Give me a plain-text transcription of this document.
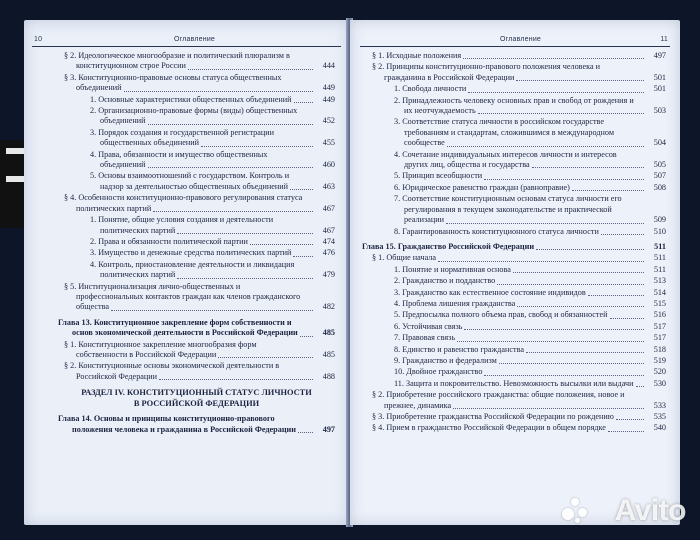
10	Оглавление
§ 2. Идеологическое многообразие и политический плюрализм в конституционном строе России	444
§ 3. Конституционно-правовые основы статуса общественных объединений	449
1. Основные характеристики общественных объединений	449
2. Организационно-правовые формы (виды) общественных объединений	452
3. Порядок создания и государственной регистрации общественных объединений	455
4. Права, обязанности и имущество общественных объединений	460
5. Основы взаимоотношений с государством. Контроль и надзор за деятельностью общественных объединений	463
§ 4. Особенности конституционно-правового регулирования статуса политических партий	467
1. Понятие, общие условия создания и деятельности политических партий	467
2. Права и обязанности политической партии	474
3. Имущество и денежные средства политических партий	476
4. Контроль, приостановление деятельности и ликвидация политических партий	479
§ 5. Институционализация лично-общественных и профессиональных контактов граждан как членов гражданского общества	482
Глава 13. Конституционное закрепление форм собственности и основ экономической деятельности в Российской Федерации	485
§ 1. Конституционное закрепление многообразия форм собственности в Российской Федерации	485
§ 2. Конституционные основы экономической деятельности в Российской Федерации	488
РАЗДЕЛ IV. КОНСТИТУЦИОННЫЙ СТАТУС ЛИЧНОСТИ В РОССИЙСКОЙ ФЕДЕРАЦИИ
Глава 14. Основы и принципы конституционно-правового положения человека и гражданина в Российской Федерации	497
Оглавление	11
§ 1. Исходные положения	497
§ 2. Принципы конституционно-правового положения человека и гражданина в Российской Федерации	501
1. Свобода личности	501
2. Принадлежность человеку основных прав и свобод от рождения и их неотчуждаемость	503
3. Соответствие статуса личности в российском государстве требованиям и стандартам, сложившимся в международном сообществе	504
4. Сочетание индивидуальных интересов личности и интересов других лиц, общества и государства	505
5. Принцип всеобщности	507
6. Юридическое равенство граждан (равноправие)	508
7. Соответствие конституционным основам статуса личности его регулирования в текущем законодательстве и практической реализации	509
8. Гарантированность конституционного статуса личности	510
Глава 15. Гражданство Российской Федерации	511
§ 1. Общие начала	511
1. Понятие и нормативная основа	511
2. Гражданство и подданство	513
3. Гражданство как естественное состояние индивидов	514
4. Проблема лишения гражданства	515
5. Предпосылка полного объема прав, свобод и обязанностей	516
6. Устойчивая связь	517
7. Правовая связь	517
8. Единство и равенство гражданства	518
9. Гражданство и федерализм	519
10. Двойное гражданство	520
11. Защита и покровительство. Невозможность высылки или выдачи	530
§ 2. Приобретение российского гражданства: общие положения, новое и прежнее, динамика	533
§ 3. Приобретение гражданства Российской Федерации по рождению	535
§ 4. Прием в гражданство Российской Федерации в общем порядке	540
Avito
